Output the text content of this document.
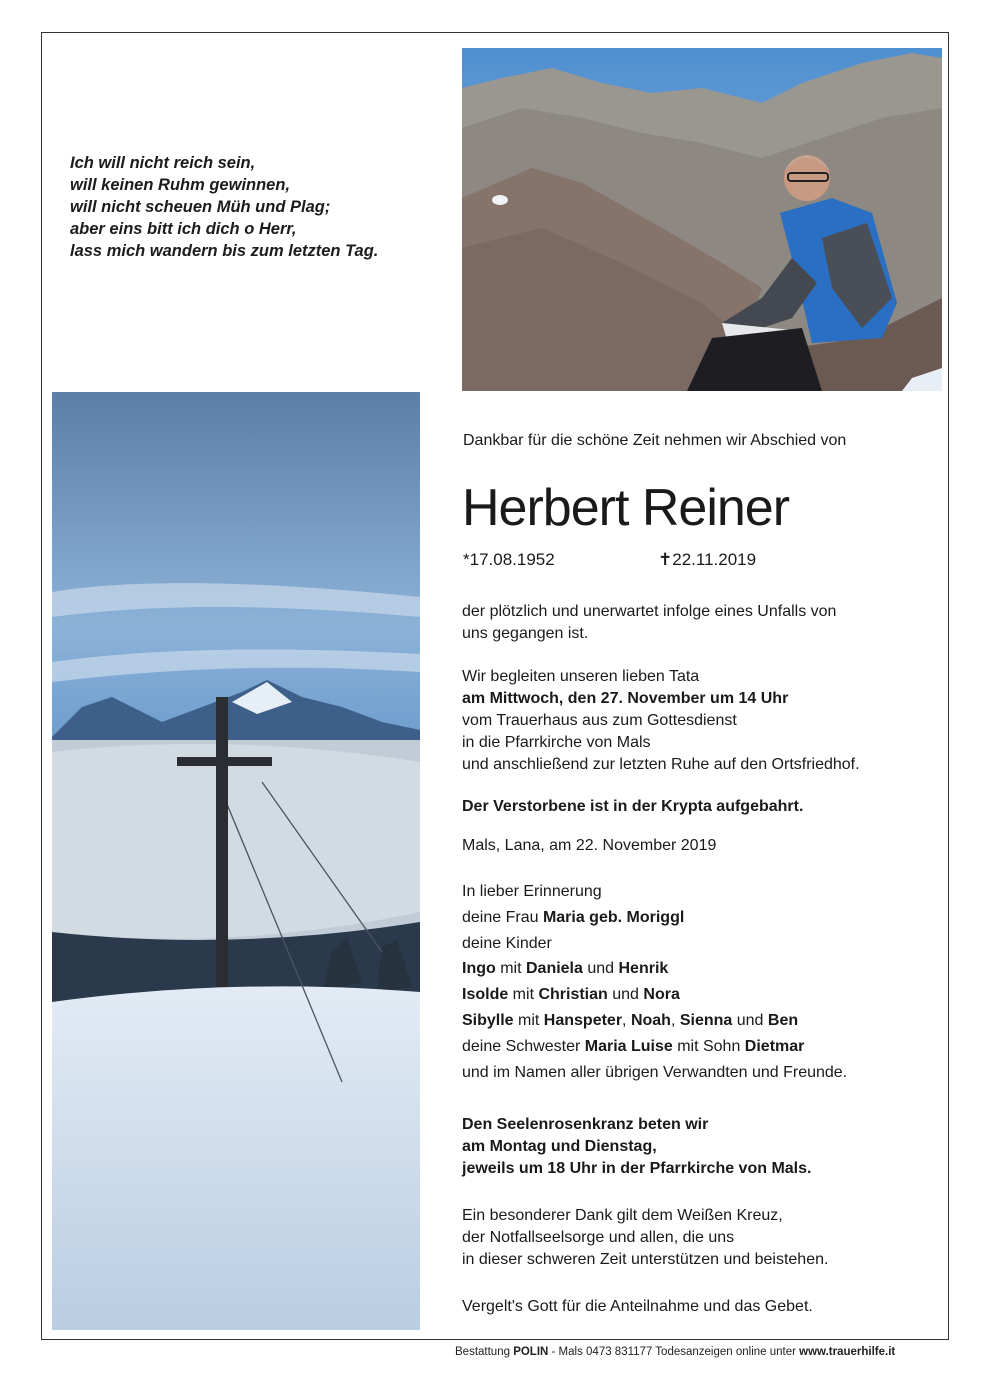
Ich will nicht reich sein,
will keinen Ruhm gewinnen,
will nicht scheuen Müh und Plag;
aber eins bitt ich dich o Herr,
lass mich wandern bis zum letzten Tag.
Dankbar für die schöne Zeit nehmen wir Abschied von
Herbert Reiner
*17.08.1952	✝22.11.2019
der plötzlich und unerwartet infolge eines Unfalls von
uns gegangen ist.
Wir begleiten unseren lieben Tata
am Mittwoch, den 27. November um 14 Uhr
vom Trauerhaus aus zum Gottesdienst
in die Pfarrkirche von Mals
und anschließend zur letzten Ruhe auf den Ortsfriedhof.
Der Verstorbene ist in der Krypta aufgebahrt.
Mals, Lana, am 22. November 2019
In lieber Erinnerung
deine Frau Maria geb. Moriggl
deine Kinder
Ingo mit Daniela und Henrik
Isolde mit Christian und Nora
Sibylle mit Hanspeter, Noah, Sienna und Ben
deine Schwester Maria Luise mit Sohn Dietmar
und im Namen aller übrigen Verwandten und Freunde.
Den Seelenrosenkranz beten wir
am Montag und Dienstag,
jeweils um 18 Uhr in der Pfarrkirche von Mals.
Ein besonderer Dank gilt dem Weißen Kreuz,
der Notfallseelsorge und allen, die uns
in dieser schweren Zeit unterstützen und beistehen.
Vergelt's Gott für die Anteilnahme und das Gebet.
Bestattung POLIN - Mals 0473 831177 Todesanzeigen online unter www.trauerhilfe.it
